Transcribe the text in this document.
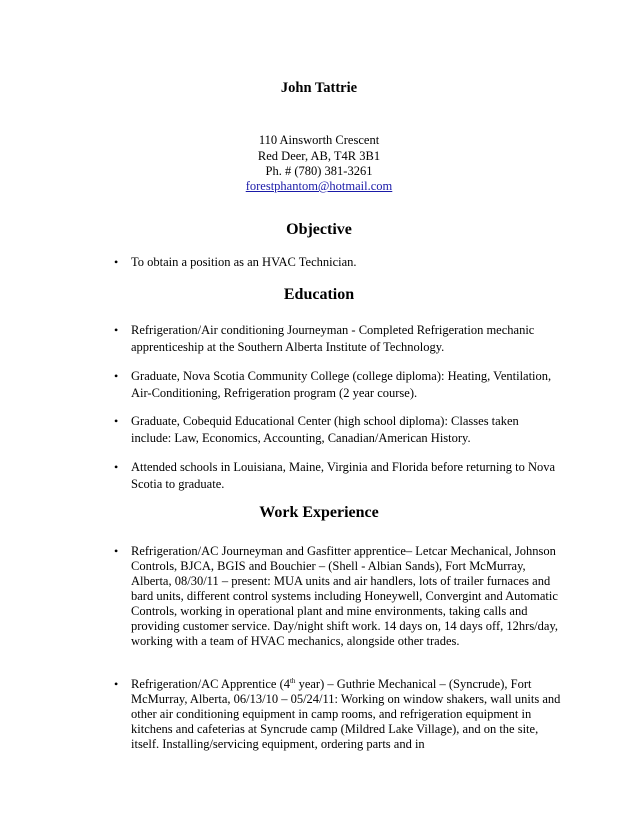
John Tattrie
110 Ainsworth Crescent
Red Deer, AB, T4R 3B1
Ph. # (780) 381-3261
forestphantom@hotmail.com
Objective
• To obtain a position as an HVAC Technician.
Education
• Refrigeration/Air conditioning Journeyman - Completed Refrigeration mechanic apprenticeship at the Southern Alberta Institute of Technology.
• Graduate, Nova Scotia Community College (college diploma): Heating, Ventilation, Air-Conditioning, Refrigeration program (2 year course).
• Graduate, Cobequid Educational Center (high school diploma): Classes taken include: Law, Economics, Accounting, Canadian/American History.
• Attended schools in Louisiana, Maine, Virginia and Florida before returning to Nova Scotia to graduate.
Work Experience
• Refrigeration/AC Journeyman and Gasfitter apprentice– Letcar Mechanical, Johnson Controls, BJCA, BGIS and Bouchier – (Shell - Albian Sands), Fort McMurray, Alberta, 08/30/11 – present: MUA units and air handlers, lots of trailer furnaces and bard units, different control systems including Honeywell, Convergint and Automatic Controls, working in operational plant and mine environments, taking calls and providing customer service. Day/night shift work. 14 days on, 14 days off, 12hrs/day, working with a team of HVAC mechanics, alongside other trades.
• Refrigeration/AC Apprentice (4th year) – Guthrie Mechanical – (Syncrude), Fort McMurray, Alberta, 06/13/10 – 05/24/11: Working on window shakers, wall units and other air conditioning equipment in camp rooms, and refrigeration equipment in kitchens and cafeterias at Syncrude camp (Mildred Lake Village), and on the site, itself. Installing/servicing equipment, ordering parts and in
